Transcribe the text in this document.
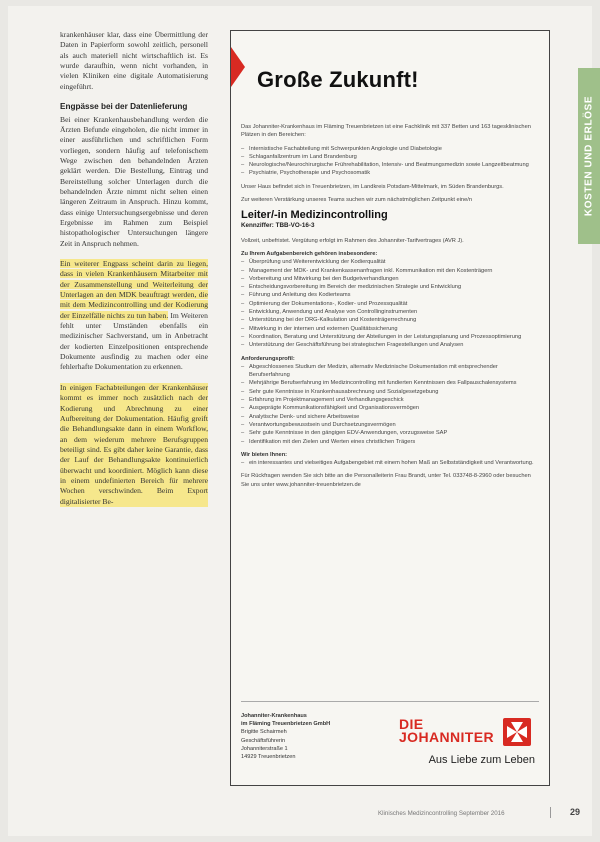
krankenhäuser klar, dass eine Übermittlung der Daten in Papierform sowohl zeitlich, personell als auch materiell nicht wirtschaftlich ist. Es wurde daraufhin, wenn nicht vorhanden, in vielen Kliniken eine digitale Automatisierung eingeführt.

Engpässe bei der Datenlieferung

Bei einer Krankenhausbehandlung werden die Ärzten Befunde eingeholen, die nicht immer in einer ausführlichen und schriftlichen Form vorliegen, sondern häufig auf telefonischem Wege zwischen den behandelnden Ärzten geklärt werden. Die Bestellung, Eintrag und Bereitstellung solcher Unterlagen durch die behandelnden Ärzte nimmt nicht selten einen längeren Zeitraum in Anspruch. Hinzu kommt, dass einige Untersuchungsergebnisse und deren Ergebnisse im Rahmen zum Beispiel histopathologischer Untersuchungen längere Zeit in Anspruch nehmen.

Ein weiterer Engpass scheint darin zu liegen, dass in vielen Krankenhäusern Mitarbeiter mit der Zusammenstellung und Weiterleitung der Unterlagen an den MDK beauftragt werden, die mit dem Medizincontrolling und der Kodierung der Einzelfälle nichts zu tun haben. Im Weiteren fehlt unter Umständen ebenfalls ein medizinischer Sachverstand, um in Anbetracht der kodierten Einzelpositionen entsprechende Dokumente ausfindig zu machen oder eine fehlerhafte Dokumentation zu erkennen.

In einigen Fachabteilungen der Krankenhäuser kommt es immer noch zusätzlich nach der Kodierung und Abrechnung zu einer Aufbereitung der Dokumentation. Häufig greift die Behandlungsakte dann in einem Workflow, an dem wiederum mehrere Berufsgruppen beteiligt sind. Es gibt daher keine Garantie, dass der Lauf der Behandlungsakte kontinuierlich überwacht und koordiniert. Möglich kann diese in einem undefinierten Bereich für mehrere Wochen verschwinden. Beim Export digitalisierter Be-

Große Zukunft!

Das Johanniter-Krankenhaus im Fläming Treuenbrietzen ist eine Fachklinik mit 337 Betten und 163 tagesklinischen Plätzen in den Bereichen:

– Internistische Fachabteilung mit Schwerpunkten Angiologie und Diabetologie
– Schlaganfallzentrum im Land Brandenburg
– Neurologische/Neurochirurgische Frührehabilitation, Intensiv- und Beatmungsmedizin sowie Langzeitbeatmung
– Psychiatrie, Psychotherapie und Psychosomatik

Unser Haus befindet sich in Treuenbrietzen, im Landkreis Potsdam-Mittelmark, im Süden Brandenburgs.

Zur weiteren Verstärkung unseres Teams suchen wir zum nächstmöglichen Zeitpunkt eine/n

Leiter/-in Medizincontrolling
Kennziffer: TBB-VO-16-3

Vollzeit, unbefristet. Vergütung erfolgt im Rahmen des Johanniter-Tarifvertrages (AVR J).

Zu Ihrem Aufgabenbereich gehören insbesondere:
– Überprüfung und Weiterentwicklung der Kodierqualität
– Management der MDK- und Krankenkassenanfragen inkl. Kommunikation mit den Kostenträgern
– Vorbereitung und Mitwirkung bei den Budgetverhandlungen
– Entscheidungsvorbereitung im Bereich der medizinischen Strategie und Entwicklung
– Führung und Anleitung des Kodierteams
– Optimierung der Dokumentations-, Kodier- und Prozessqualität
– Entwicklung, Anwendung und Analyse von Controllinginstrumenten
– Unterstützung bei der DRG-Kalkulation und Kostenträgerrechnung
– Mitwirkung in der internen und externen Qualitätssicherung
– Koordination, Beratung und Unterstützung der Abteilungen in der Leistungsplanung und Prozessoptimierung
– Unterstützung der Geschäftsführung bei strategischen Fragestellungen und Analysen
Anforderungsprofil:
– Abgeschlossenes Studium der Medizin, alternativ Medizinische Dokumentation mit entsprechender Berufserfahrung
– Mehrjährige Berufserfahrung im Medizincontrolling mit fundierten Kenntnissen des Fallpauschalensystems
– Sehr gute Kenntnisse in Krankenhausabrechnung und Sozialgesetzgebung
– Erfahrung im Projektmanagement und Verhandlungsgeschick
– Ausgeprägte Kommunikationsfähigkeit und Organisationsvermögen
– Analytische Denk- und sichere Arbeitsweise
– Verantwortungsbewusstsein und Durchsetzungsvermögen
– Sehr gute Kenntnisse in den gängigen EDV-Anwendungen, vorzugsweise SAP
– Identifikation mit den Zielen und Werten eines christlichen Trägers
Wir bieten Ihnen:
– ein interessantes und vielseitiges Aufgabengebiet mit einem hohen Maß an Selbstständigkeit und Verantwortung.

Für Rückfragen wenden Sie sich bitte an die Personalleiterin Frau Brandt, unter Tel. 033748-8-2960 oder besuchen Sie uns unter www.johanniter-treuenbrietzen.de

Johanniter-Krankenhaus
im Fläming Treuenbrietzen GmbH
Brigitte Schairmeh
Geschäftsführerin
Johanniterstraße 1
14929 Treuenbrietzen
DIE
JOHANNITER
Aus Liebe zum Leben
KOSTEN UND ERLÖSE
Klinisches Medizincontrolling September 2016	29
